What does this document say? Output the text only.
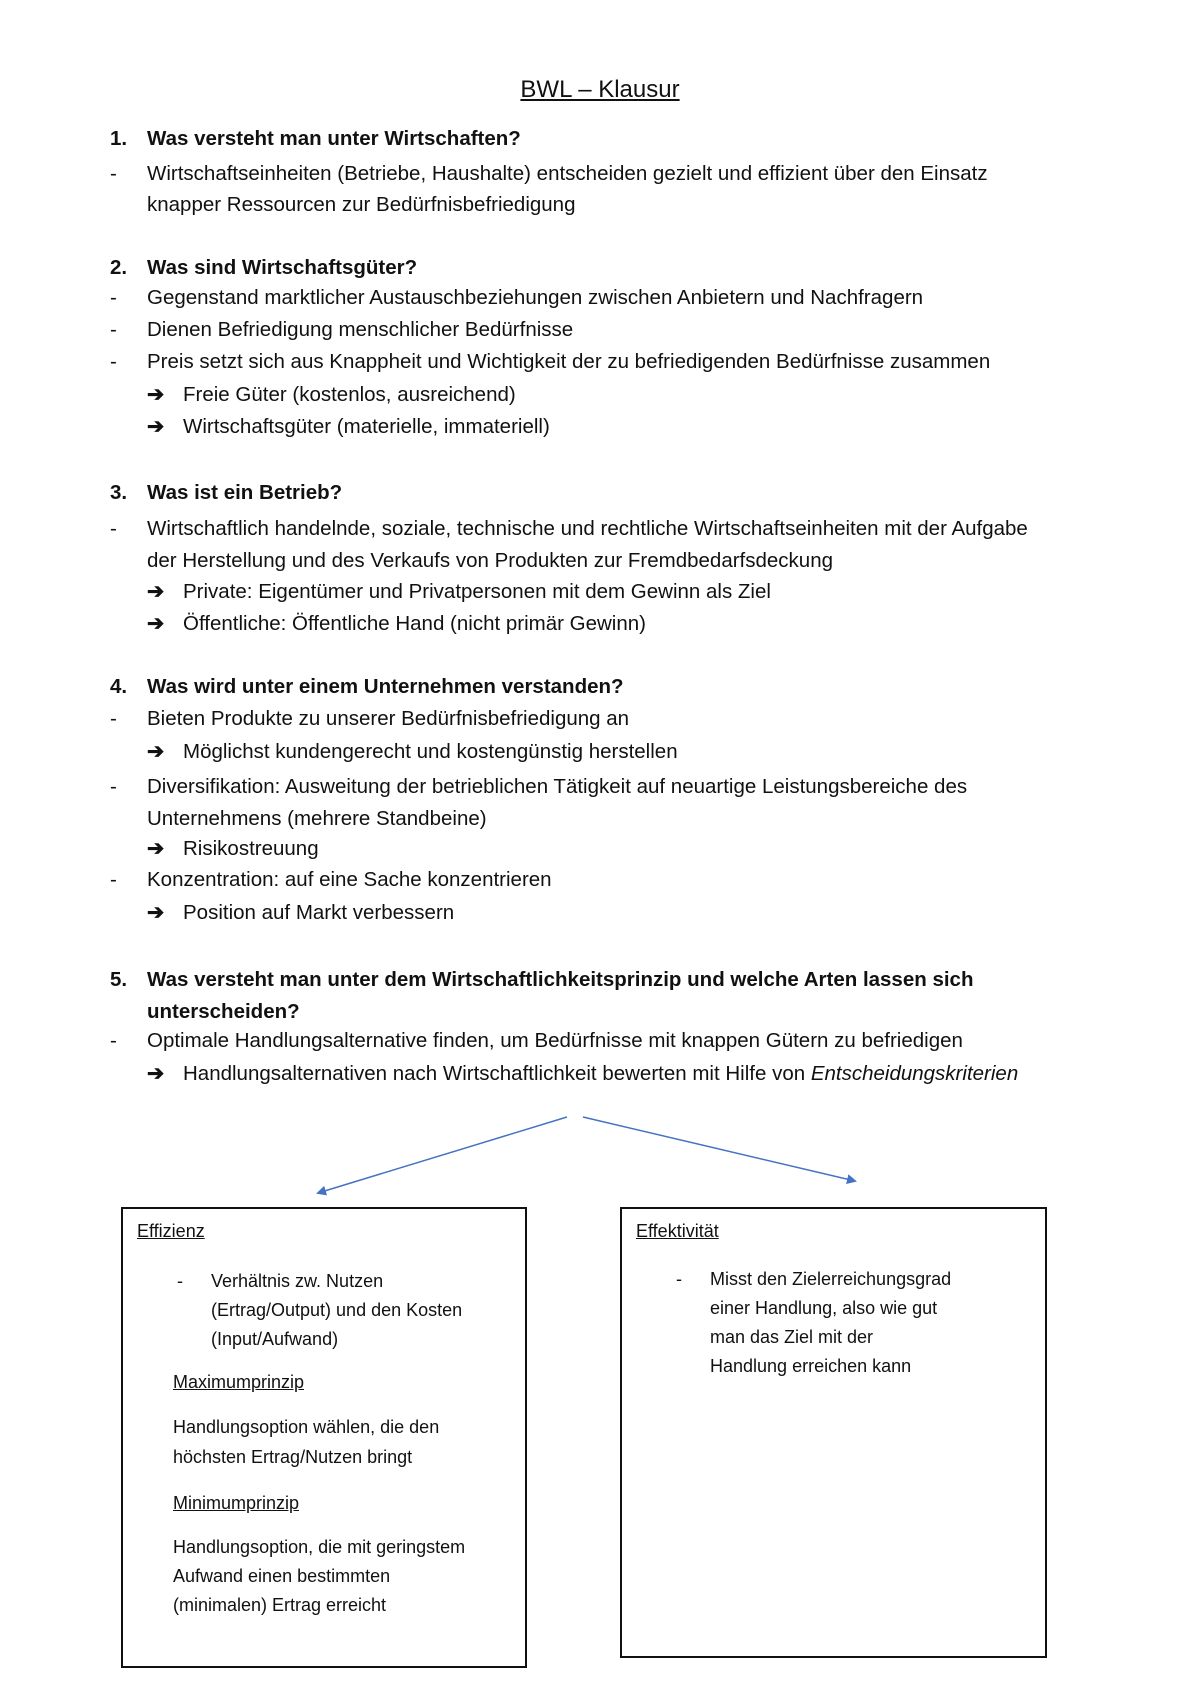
BWL – Klausur
1. Was versteht man unter Wirtschaften?
- Wirtschaftseinheiten (Betriebe, Haushalte) entscheiden gezielt und effizient über den Einsatz
knapper Ressourcen zur Bedürfnisbefriedigung
2. Was sind Wirtschaftsgüter?
- Gegenstand marktlicher Austauschbeziehungen zwischen Anbietern und Nachfragern
- Dienen Befriedigung menschlicher Bedürfnisse
- Preis setzt sich aus Knappheit und Wichtigkeit der zu befriedigenden Bedürfnisse zusammen
➔ Freie Güter (kostenlos, ausreichend)
➔ Wirtschaftsgüter (materielle, immateriell)
3. Was ist ein Betrieb?
- Wirtschaftlich handelnde, soziale, technische und rechtliche Wirtschaftseinheiten mit der Aufgabe
der Herstellung und des Verkaufs von Produkten zur Fremdbedarfsdeckung
➔ Private: Eigentümer und Privatpersonen mit dem Gewinn als Ziel
➔ Öffentliche: Öffentliche Hand (nicht primär Gewinn)
4. Was wird unter einem Unternehmen verstanden?
- Bieten Produkte zu unserer Bedürfnisbefriedigung an
➔ Möglichst kundengerecht und kostengünstig herstellen
- Diversifikation: Ausweitung der betrieblichen Tätigkeit auf neuartige Leistungsbereiche des
Unternehmens (mehrere Standbeine)
➔ Risikostreuung
- Konzentration: auf eine Sache konzentrieren
➔ Position auf Markt verbessern
5. Was versteht man unter dem Wirtschaftlichkeitsprinzip und welche Arten lassen sich
unterscheiden?
- Optimale Handlungsalternative finden, um Bedürfnisse mit knappen Gütern zu befriedigen
➔ Handlungsalternativen nach Wirtschaftlichkeit bewerten mit Hilfe von Entscheidungskriterien
Effizienz
- Verhältnis zw. Nutzen
(Ertrag/Output) und den Kosten
(Input/Aufwand)
Maximumprinzip
Handlungsoption wählen, die den
höchsten Ertrag/Nutzen bringt
Minimumprinzip
Handlungsoption, die mit geringstem
Aufwand einen bestimmten
(minimalen) Ertrag erreicht
Effektivität
- Misst den Zielerreichungsgrad
einer Handlung, also wie gut
man das Ziel mit der
Handlung erreichen kann
